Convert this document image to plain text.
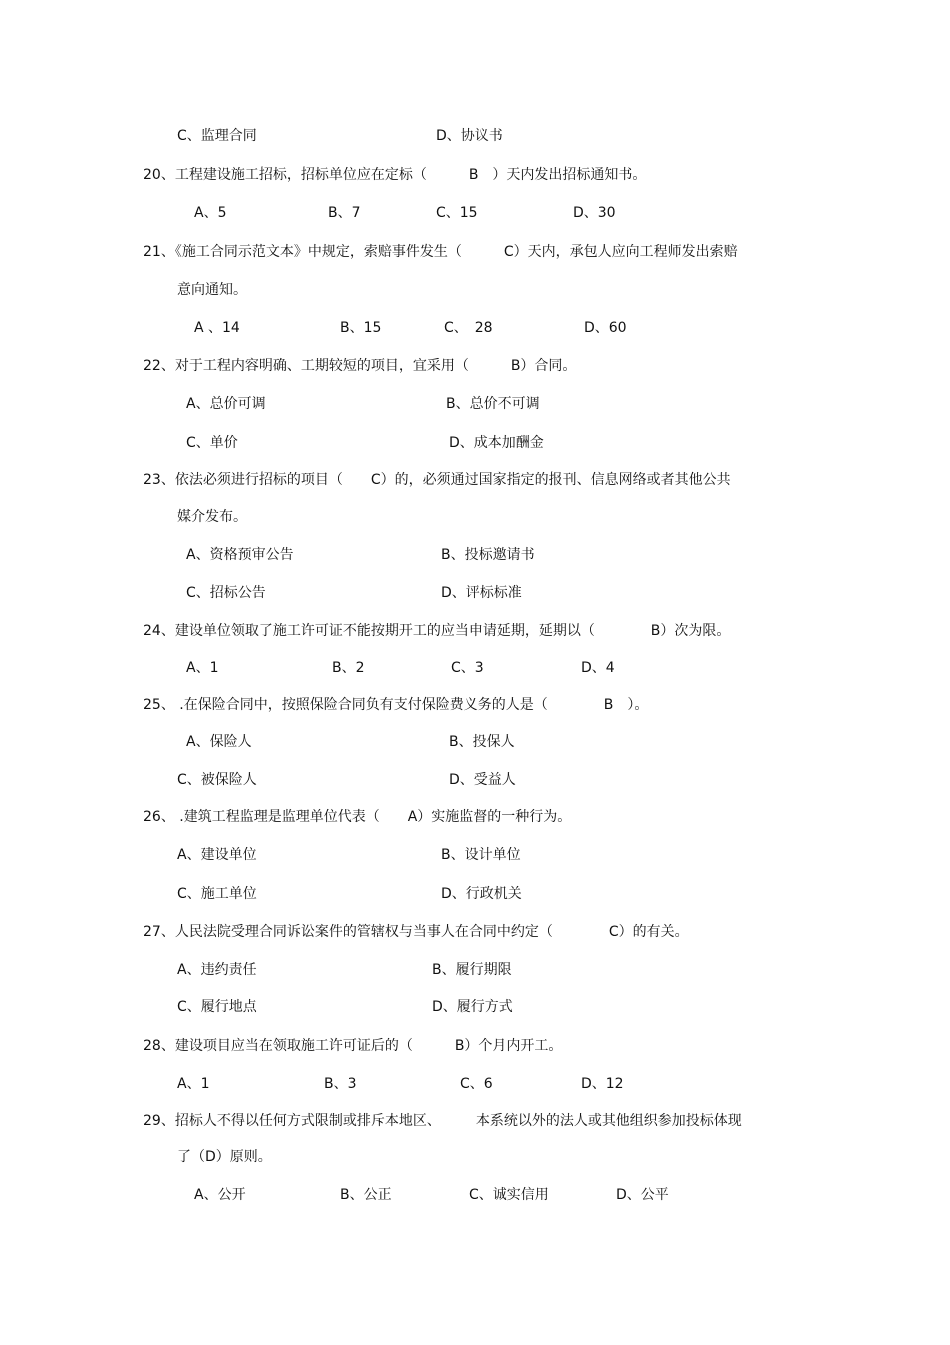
C、监理合同	D、协议书
20、工程建设施工招标，招标单位应在定标（　　　B　）天内发出招标通知书。
A、5	B、7	C、15	D、30
21、《施工合同示范文本》中规定，索赔事件发生（　　　C）天内，承包人应向工程师发出索赔
意向通知。
A 、14	B、15	C、　28	D、60
22、对于工程内容明确、工期较短的项目，宜采用（　　　B）合同。
A、总价可调	B、总价不可调
C、单价	D、成本加酬金
23、依法必须进行招标的项目（　　C）的，必须通过国家指定的报刊、信息网络或者其他公共
媒介发布。
A、资格预审公告	B、投标邀请书
C、招标公告	D、评标标准
24、建设单位领取了施工许可证不能按期开工的应当申请延期，延期以（　　　　B）次为限。
A、1	B、2	C、3	D、4
25、 .在保险合同中，按照保险合同负有支付保险费义务的人是（　　　　B　）。
A、保险人	B、投保人
C、被保险人	D、受益人
26、 .建筑工程监理是监理单位代表（　　A）实施监督的一种行为。
A、建设单位	B、设计单位
C、施工单位	D、行政机关
27、人民法院受理合同诉讼案件的管辖权与当事人在合同中约定（　　　　C）的有关。
A、违约责任	B、履行期限
C、履行地点	D、履行方式
28、建设项目应当在领取施工许可证后的（　　　B）个月内开工。
A、1	B、3	C、6	D、12
29、招标人不得以任何方式限制或排斥本地区、　　　本系统以外的法人或其他组织参加投标体现
了（D）原则。
A、公开	B、公正	C、诚实信用	D、公平
